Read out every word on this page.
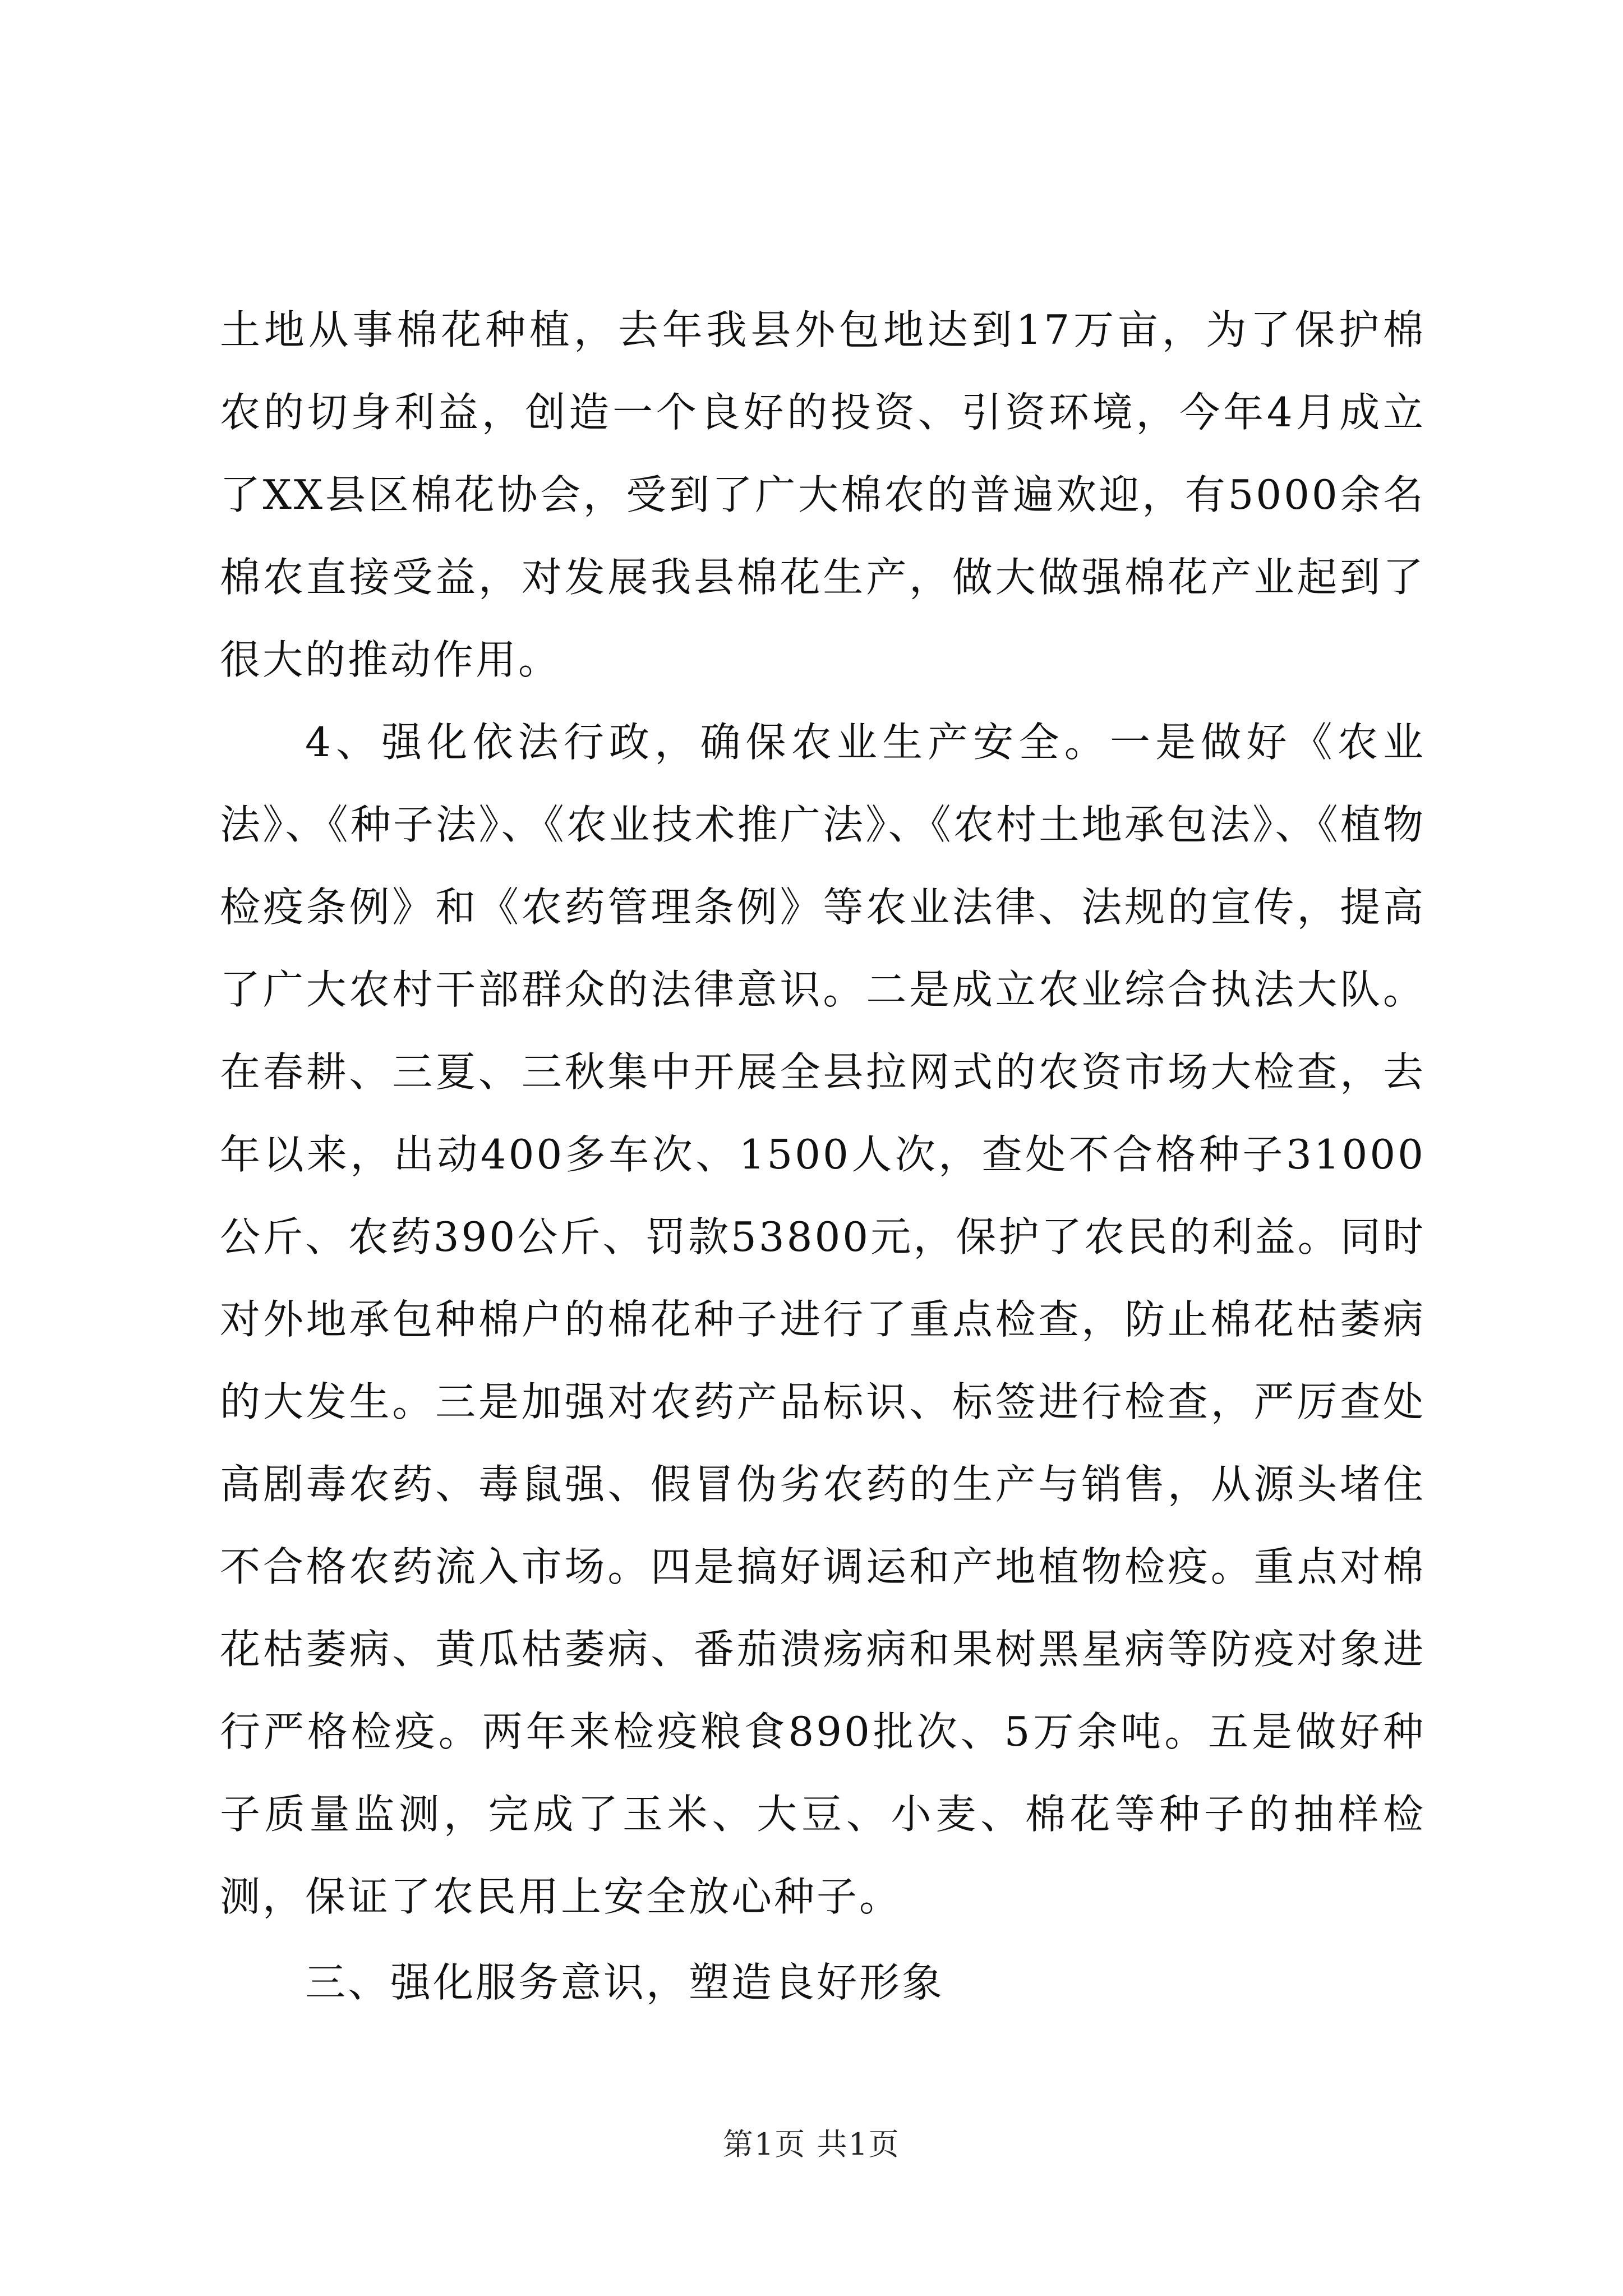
土地从事棉花种植，去年我县外包地达到17万亩，为了保护棉农的切身利益，创造一个良好的投资、引资环境，今年4月成立了XX县区棉花协会，受到了广大棉农的普遍欢迎，有5000余名棉农直接受益，对发展我县棉花生产，做大做强棉花产业起到了很大的推动作用。

4、强化依法行政，确保农业生产安全。一是做好《农业法》、《种子法》、《农业技术推广法》、《农村土地承包法》、《植物检疫条例》和《农药管理条例》等农业法律、法规的宣传，提高了广大农村干部群众的法律意识。二是成立农业综合执法大队。在春耕、三夏、三秋集中开展全县拉网式的农资市场大检查，去年以来，出动400多车次、1500人次，查处不合格种子31000公斤、农药390公斤、罚款53800元，保护了农民的利益。同时对外地承包种棉户的棉花种子进行了重点检查，防止棉花枯萎病的大发生。三是加强对农药产品标识、标签进行检查，严厉查处高剧毒农药、毒鼠强、假冒伪劣农药的生产与销售，从源头堵住不合格农药流入市场。四是搞好调运和产地植物检疫。重点对棉花枯萎病、黄瓜枯萎病、番茄溃疡病和果树黑星病等防疫对象进行严格检疫。两年来检疫粮食890批次、5万余吨。五是做好种子质量监测，完成了玉米、大豆、小麦、棉花等种子的抽样检测，保证了农民用上安全放心种子。

三、强化服务意识，塑造良好形象

第1页 共1页
